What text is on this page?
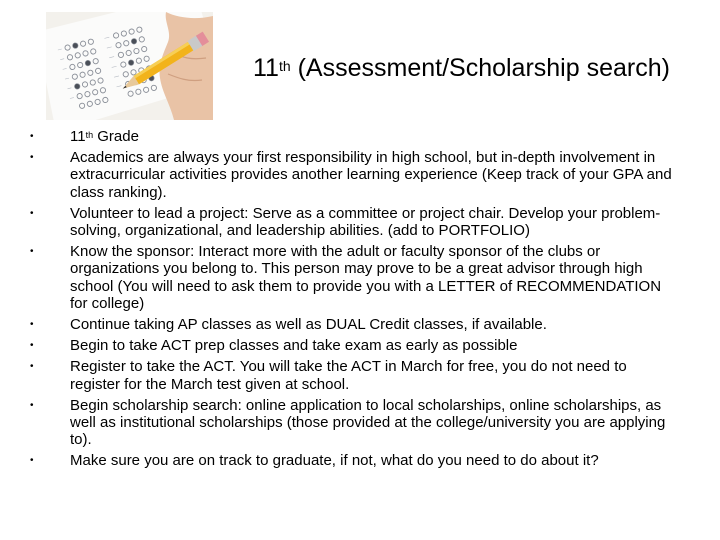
11th (Assessment/Scholarship search)
• 11th Grade
• Academics are always your first responsibility in high school, but in-depth involvement in extracurricular activities provides another learning experience (Keep track of your GPA and class ranking).
• Volunteer to lead a project: Serve as a committee or project chair. Develop your problem-solving, organizational, and leadership abilities. (add to PORTFOLIO)
• Know the sponsor: Interact more with the adult or faculty sponsor of the clubs or organizations you belong to. This person may prove to be a great advisor through high school (You will need to ask them to provide you with a LETTER of RECOMMENDATION for college)
• Continue taking AP classes as well as DUAL Credit classes, if available.
• Begin to take ACT prep classes and take exam as early as possible
• Register to take the ACT. You will take the ACT in March for free, you do not need to register for the March test given at school.
• Begin scholarship search: online application to local scholarships, online scholarships, as well as institutional scholarships (those provided at the college/university you are applying to).
• Make sure you are on track to graduate, if not, what do you need to do about it?
